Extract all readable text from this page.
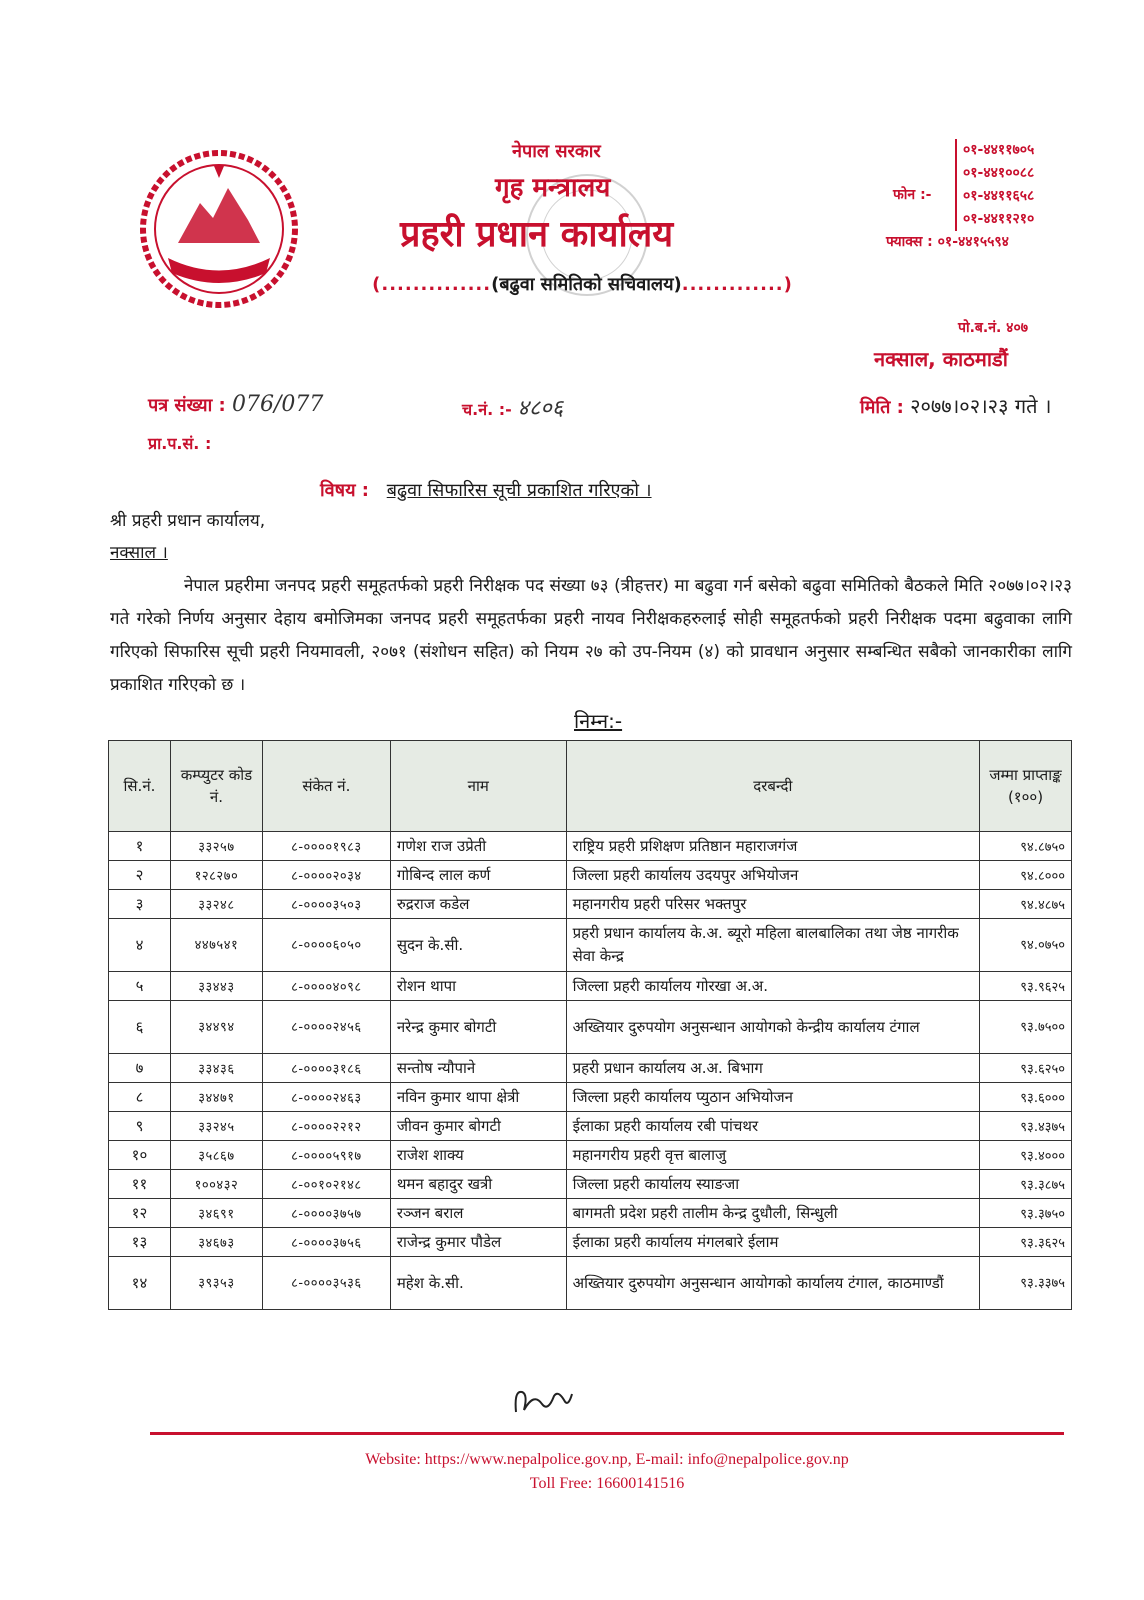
नेपाल सरकार
गृह मन्त्रालय
प्रहरी प्रधान कार्यालय
(..............(बढुवा समितिको सचिवालय).............)
फोन :-
०१-४४११७०५
०१-४४१००८८
०१-४४११६५८
०१-४४११२१०
फ्याक्स : ०१-४४१५५९४
पो.ब.नं. ४०७
नक्साल, काठमाडौं
पत्र संख्या : 076/077	च.नं. :- ४८०६	मिति : २०७७।०२।२३ गते ।
प्रा.प.सं. :
विषय : बढुवा सिफारिस सूची प्रकाशित गरिएको ।
श्री प्रहरी प्रधान कार्यालय,
नक्साल ।
नेपाल प्रहरीमा जनपद प्रहरी समूहतर्फको प्रहरी निरीक्षक पद संख्या ७३ (त्रीहत्तर) मा बढुवा गर्न बसेको बढुवा समितिको बैठकले मिति २०७७।०२।२३ गते गरेको निर्णय अनुसार देहाय बमोजिमका जनपद प्रहरी समूहतर्फका प्रहरी नायव निरीक्षकहरुलाई सोही समूहतर्फको प्रहरी निरीक्षक पदमा बढुवाका लागि गरिएको सिफारिस सूची प्रहरी नियमावली, २०७१ (संशोधन सहित) को नियम २७ को उप-नियम (४) को प्रावधान अनुसार सम्बन्धित सबैको जानकारीका लागि प्रकाशित गरिएको छ ।
निम्न:-
सि.नं.	कम्प्युटर कोड नं.	संकेत नं.	नाम	दरबन्दी	जम्मा प्राप्ताङ्क (१००)
१	३३२५७	८-००००१९८३	गणेश राज उप्रेती	राष्ट्रिय प्रहरी प्रशिक्षण प्रतिष्ठान महाराजगंज	९४.८७५०
२	१२८२७०	८-००००२०३४	गोबिन्द लाल कर्ण	जिल्ला प्रहरी कार्यालय उदयपुर अभियोजन	९४.८०००
३	३३२४८	८-००००३५०३	रुद्रराज कडेल	महानगरीय प्रहरी परिसर भक्तपुर	९४.४८७५
४	४४७५४१	८-००००६०५०	सुदन के.सी.	प्रहरी प्रधान कार्यालय के.अ. ब्यूरो महिला बालबालिका तथा जेष्ठ नागरीक सेवा केन्द्र	९४.०७५०
५	३३४४३	८-००००४०९८	रोशन थापा	जिल्ला प्रहरी कार्यालय गोरखा अ.अ.	९३.९६२५
६	३४४९४	८-००००२४५६	नरेन्द्र कुमार बोगटी	अख्तियार दुरुपयोग अनुसन्धान आयोगको केन्द्रीय कार्यालय टंगाल	९३.७५००
७	३३४३६	८-००००३१८६	सन्तोष न्यौपाने	प्रहरी प्रधान कार्यालय अ.अ. बिभाग	९३.६२५०
८	३४४७१	८-००००२४६३	नविन कुमार थापा क्षेत्री	जिल्ला प्रहरी कार्यालय प्युठान अभियोजन	९३.६०००
९	३३२४५	८-००००२२१२	जीवन कुमार बोगटी	ईलाका प्रहरी कार्यालय रबी पांचथर	९३.४३७५
१०	३५८६७	८-००००५९१७	राजेश शाक्य	महानगरीय प्रहरी वृत्त बालाजु	९३.४०००
११	१००४३२	८-००१०२१४८	थमन बहादुर खत्री	जिल्ला प्रहरी कार्यालय स्याङजा	९३.३८७५
१२	३४६९१	८-००००३७५७	रञ्जन बराल	बागमती प्रदेश प्रहरी तालीम केन्द्र दुधौली, सिन्धुली	९३.३७५०
१३	३४६७३	८-००००३७५६	राजेन्द्र कुमार पौडेल	ईलाका प्रहरी कार्यालय मंगलबारे ईलाम	९३.३६२५
१४	३९३५३	८-००००३५३६	महेश के.सी.	अख्तियार दुरुपयोग अनुसन्धान आयोगको कार्यालय टंगाल, काठमाण्डौं	९३.३३७५
Website: https://www.nepalpolice.gov.np, E-mail: info@nepalpolice.gov.np
Toll Free: 16600141516
